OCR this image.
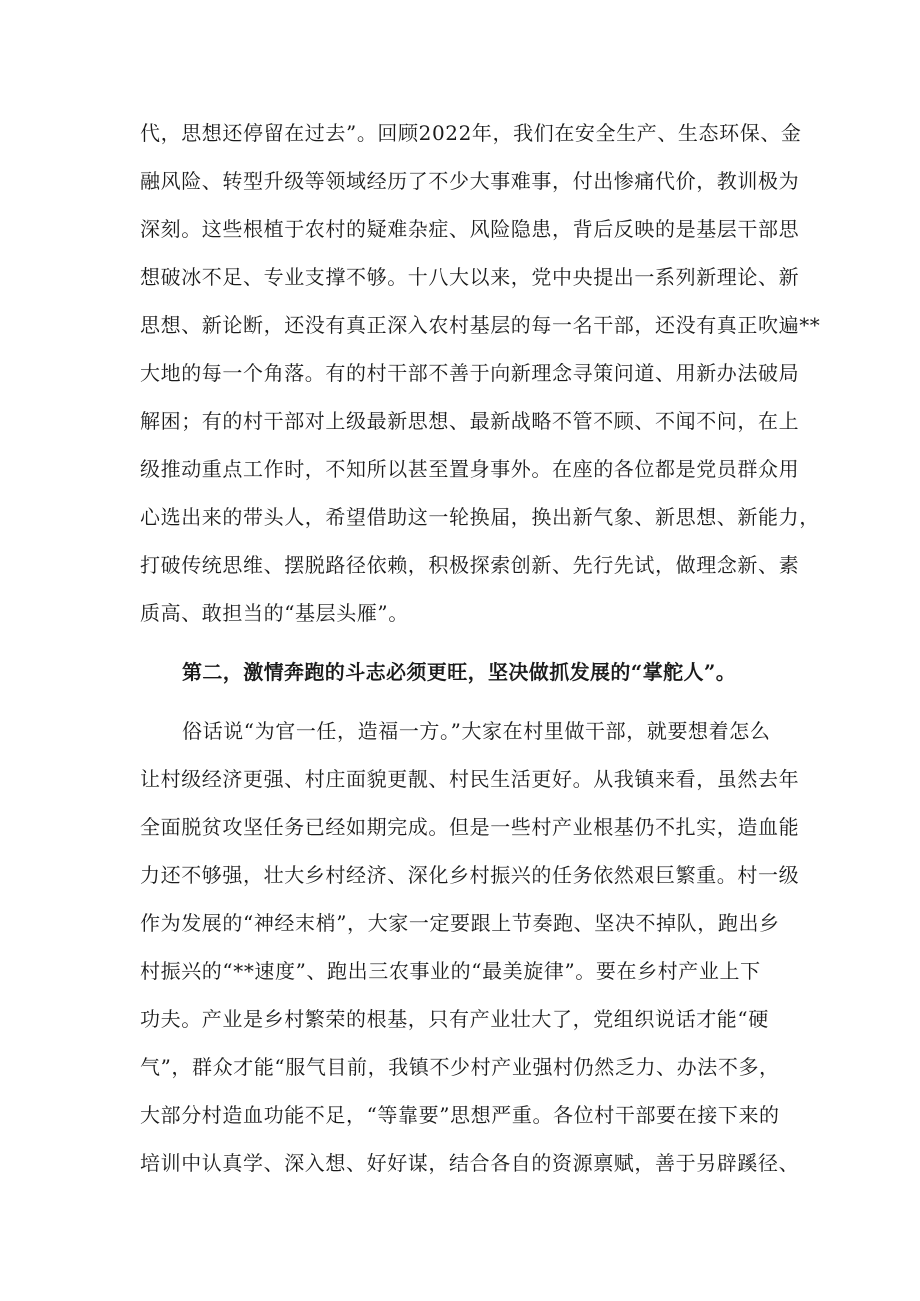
代，思想还停留在过去”。回顾2022年，我们在安全生产、生态环保、金
融风险、转型升级等领域经历了不少大事难事，付出惨痛代价，教训极为
深刻。这些根植于农村的疑难杂症、风险隐患，背后反映的是基层干部思
想破冰不足、专业支撑不够。十八大以来，党中央提出一系列新理论、新
思想、新论断，还没有真正深入农村基层的每一名干部，还没有真正吹遍**
大地的每一个角落。有的村干部不善于向新理念寻策问道、用新办法破局
解困；有的村干部对上级最新思想、最新战略不管不顾、不闻不问，在上
级推动重点工作时，不知所以甚至置身事外。在座的各位都是党员群众用
心选出来的带头人，希望借助这一轮换届，换出新气象、新思想、新能力，
打破传统思维、摆脱路径依赖，积极探索创新、先行先试，做理念新、素
质高、敢担当的“基层头雁”。
第二，激情奔跑的斗志必须更旺，坚决做抓发展的“掌舵人”。
俗话说“为官一任，造福一方。”大家在村里做干部，就要想着怎么
让村级经济更强、村庄面貌更靓、村民生活更好。从我镇来看，虽然去年
全面脱贫攻坚任务已经如期完成。但是一些村产业根基仍不扎实，造血能
力还不够强，壮大乡村经济、深化乡村振兴的任务依然艰巨繁重。村一级
作为发展的“神经末梢”，大家一定要跟上节奏跑、坚决不掉队，跑出乡
村振兴的“**速度”、跑出三农事业的“最美旋律”。要在乡村产业上下
功夫。产业是乡村繁荣的根基，只有产业壮大了，党组织说话才能“硬
气”，群众才能“服气目前，我镇不少村产业强村仍然乏力、办法不多，
大部分村造血功能不足，“等靠要”思想严重。各位村干部要在接下来的
培训中认真学、深入想、好好谋，结合各自的资源禀赋，善于另辟蹊径、
